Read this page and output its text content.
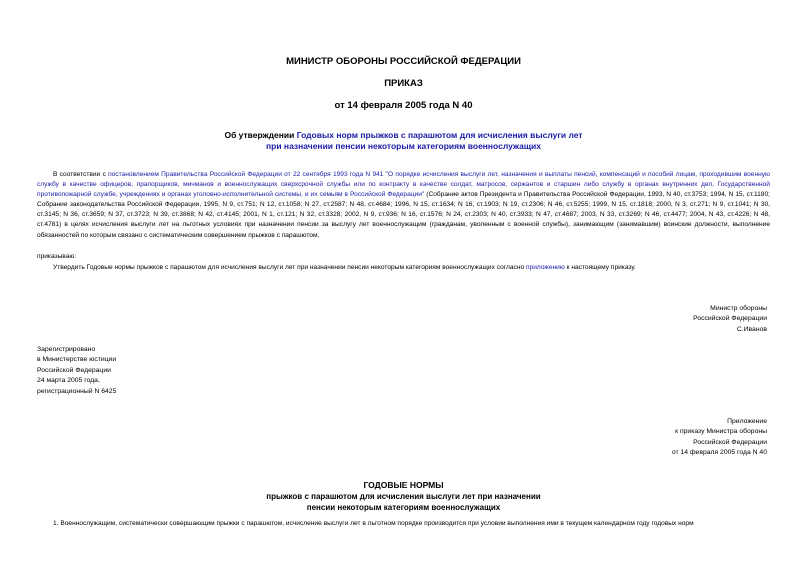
МИНИСТР ОБОРОНЫ РОССИЙСКОЙ ФЕДЕРАЦИИ
ПРИКАЗ
от 14 февраля 2005 года N 40
Об утверждении Годовых норм прыжков с парашютом для исчисления выслуги лет
при назначении пенсии некоторым категориям военнослужащих
В соответствии с постановлением Правительства Российской Федерации от 22 сентября 1993 года N 941 "О порядке исчисления выслуги лет, назначения и выплаты пенсий, компенсаций и пособий лицам, проходившим военную службу в качестве офицеров, прапорщиков, мичманов и военнослужащих сверхсрочной службы или по контракту в качестве солдат, матросов, сержантов и старшин либо службу в органах внутренних дел, Государственной противопожарной службе, учреждениях и органах уголовно-исполнительной системы, и их семьям в Российской Федерации" (Собрание актов Президента и Правительства Российской Федерации, 1993, N 40, ст.3753; 1994, N 15, ст.1180; Собрание законодательства Российской Федерации, 1995, N 9, ст.751; N 12, ст.1058; N 27, ст.2587; N 48, ст.4684; 1996, N 15, ст.1634; N 16, ст.1903; N 19, ст.2306; N 46, ст.5255; 1999, N 15, ст.1818; 2000, N 3, ст.271; N 9, ст.1041; N 30, ст.3145; N 36, ст.3659; N 37, ст.3723; N 39, ст.3868; N 42, ст.4145; 2001, N 1, ст.121; N 32, ст.3328; 2002, N 9, ст.936; N 16, ст.1576; N 24, ст.2303; N 40, ст.3933; N 47, ст.4687; 2003, N 33, ст.3269; N 46, ст.4477; 2004, N 43, ст.4226; N 48, ст.4781) в целях исчисления выслуги лет на льготных условиях при назначении пенсии за выслугу лет военнослужащим (гражданам, уволенным с военной службы), занимающим (занимавшим) воинские должности, выполнение обязанностей по которым связано с систематическим совершением прыжков с парашютом,
приказываю:
Утвердить Годовые нормы прыжков с парашютом для исчисления выслуги лет при назначении пенсии некоторым категориям военнослужащих согласно приложению к настоящему приказу.
Министр обороны
Российской Федерации
С.Иванов
Зарегистрировано
в Министерстве юстиции
Российской Федерации
24 марта 2005 года,
регистрационный N 6425
Приложение
к приказу Министра обороны
Российской Федерации
от 14 февраля 2005 года N 40
ГОДОВЫЕ НОРМЫ
прыжков с парашютом для исчисления выслуги лет при назначении
пенсии некоторым категориям военнослужащих
1. Военнослужащим, систематически совершающим прыжки с парашютом, исчисление выслуги лет в льготном порядке производится при условии выполнения ими в текущем календарном году годовых норм
